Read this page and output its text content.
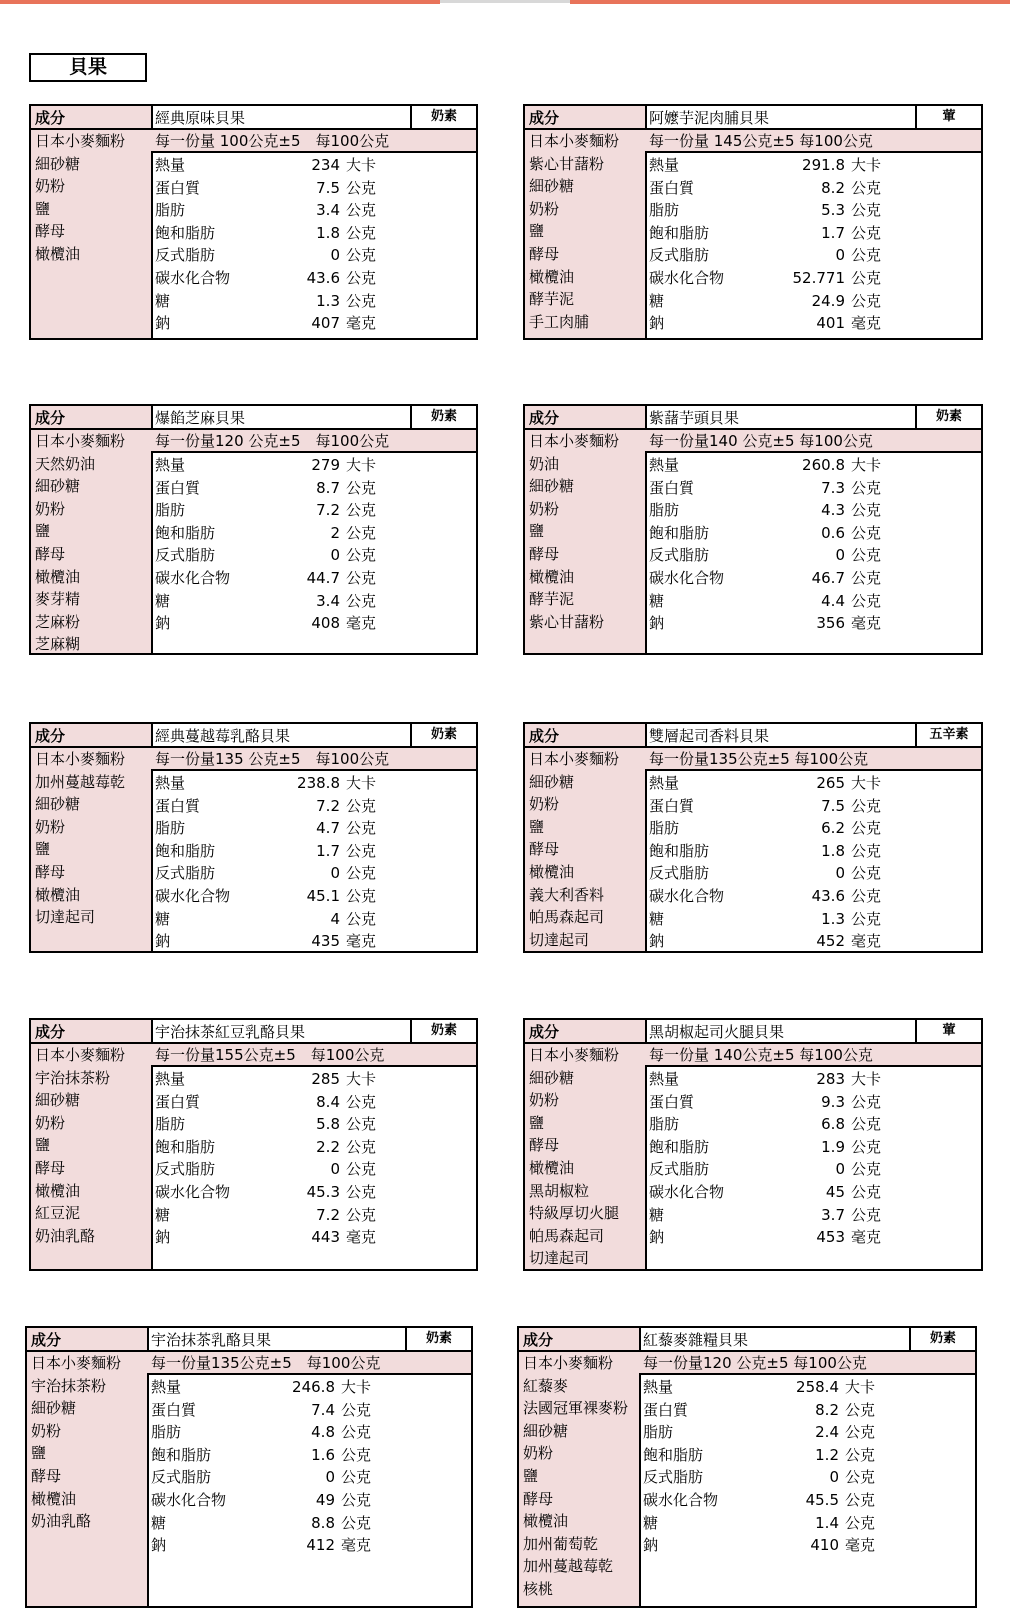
貝果
成分	經典原味貝果	奶素
每一份量 100公克±5　每100公克
日本小麥麵粉
細砂糖
奶粉
鹽
酵母
橄欖油
熱量	234 大卡
蛋白質	7.5 公克
脂肪	3.4 公克
飽和脂肪	1.8 公克
反式脂肪	0 公克
碳水化合物	43.6 公克
糖	1.3 公克
鈉	407 毫克
成分	阿嬤芋泥肉脯貝果	葷
每一份量 145公克±5 每100公克
日本小麥麵粉
紫心甘藷粉
細砂糖
奶粉
鹽
酵母
橄欖油
酵芋泥
手工肉脯
熱量	291.8 大卡
蛋白質	8.2 公克
脂肪	5.3 公克
飽和脂肪	1.7 公克
反式脂肪	0 公克
碳水化合物	52.771 公克
糖	24.9 公克
鈉	401 毫克
成分	爆餡芝麻貝果	奶素
每一份量120 公克±5　每100公克
日本小麥麵粉
天然奶油
細砂糖
奶粉
鹽
酵母
橄欖油
麥芽精
芝麻粉
芝麻糊
熱量	279 大卡
蛋白質	8.7 公克
脂肪	7.2 公克
飽和脂肪	2 公克
反式脂肪	0 公克
碳水化合物	44.7 公克
糖	3.4 公克
鈉	408 毫克
成分	紫藷芋頭貝果	奶素
每一份量140 公克±5 每100公克
日本小麥麵粉
奶油
細砂糖
奶粉
鹽
酵母
橄欖油
酵芋泥
紫心甘藷粉
熱量	260.8 大卡
蛋白質	7.3 公克
脂肪	4.3 公克
飽和脂肪	0.6 公克
反式脂肪	0 公克
碳水化合物	46.7 公克
糖	4.4 公克
鈉	356 毫克
成分	經典蔓越莓乳酪貝果	奶素
每一份量135 公克±5　每100公克
日本小麥麵粉
加州蔓越莓乾
細砂糖
奶粉
鹽
酵母
橄欖油
切達起司
熱量	238.8 大卡
蛋白質	7.2 公克
脂肪	4.7 公克
飽和脂肪	1.7 公克
反式脂肪	0 公克
碳水化合物	45.1 公克
糖	4 公克
鈉	435 毫克
成分	雙層起司香料貝果	五辛素
每一份量135公克±5 每100公克
日本小麥麵粉
細砂糖
奶粉
鹽
酵母
橄欖油
義大利香料
帕馬森起司
切達起司
熱量	265 大卡
蛋白質	7.5 公克
脂肪	6.2 公克
飽和脂肪	1.8 公克
反式脂肪	0 公克
碳水化合物	43.6 公克
糖	1.3 公克
鈉	452 毫克
成分	宇治抹茶紅豆乳酪貝果	奶素
每一份量155公克±5　每100公克
日本小麥麵粉
宇治抹茶粉
細砂糖
奶粉
鹽
酵母
橄欖油
紅豆泥
奶油乳酪
熱量	285 大卡
蛋白質	8.4 公克
脂肪	5.8 公克
飽和脂肪	2.2 公克
反式脂肪	0 公克
碳水化合物	45.3 公克
糖	7.2 公克
鈉	443 毫克
成分	黑胡椒起司火腿貝果	葷
每一份量 140公克±5 每100公克
日本小麥麵粉
細砂糖
奶粉
鹽
酵母
橄欖油
黑胡椒粒
特級厚切火腿
帕馬森起司
切達起司
熱量	283 大卡
蛋白質	9.3 公克
脂肪	6.8 公克
飽和脂肪	1.9 公克
反式脂肪	0 公克
碳水化合物	45 公克
糖	3.7 公克
鈉	453 毫克
成分	宇治抹茶乳酪貝果	奶素
每一份量135公克±5　每100公克
日本小麥麵粉
宇治抹茶粉
細砂糖
奶粉
鹽
酵母
橄欖油
奶油乳酪
熱量	246.8 大卡
蛋白質	7.4 公克
脂肪	4.8 公克
飽和脂肪	1.6 公克
反式脂肪	0 公克
碳水化合物	49 公克
糖	8.8 公克
鈉	412 毫克
成分	紅藜麥雜糧貝果	奶素
每一份量120 公克±5 每100公克
日本小麥麵粉
紅藜麥
法國冠軍裸麥粉
細砂糖
奶粉
鹽
酵母
橄欖油
加州葡萄乾
加州蔓越莓乾
核桃
熱量	258.4 大卡
蛋白質	8.2 公克
脂肪	2.4 公克
飽和脂肪	1.2 公克
反式脂肪	0 公克
碳水化合物	45.5 公克
糖	1.4 公克
鈉	410 毫克
